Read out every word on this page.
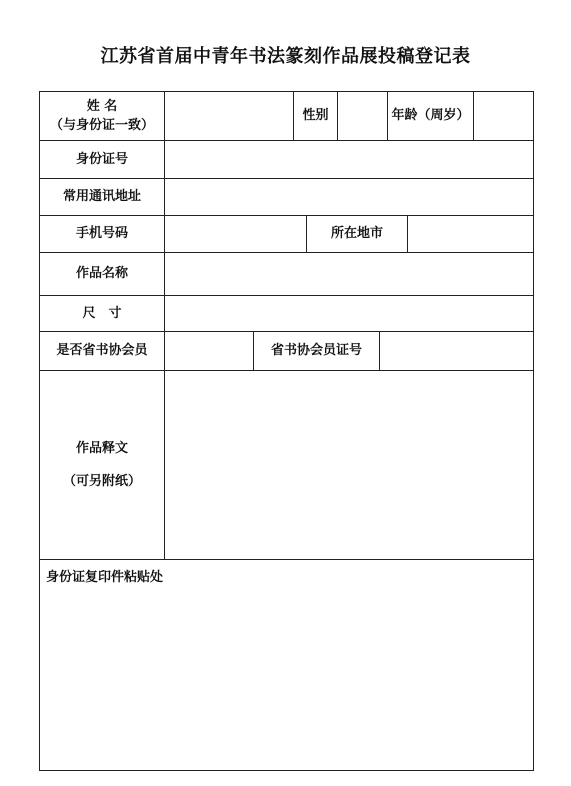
江苏省首届中青年书法篆刻作品展投稿登记表
姓 名
（与身份证一致）
性别	年龄（周岁）
身份证号
常用通讯地址
手机号码	所在地市
作品名称
尺　寸
是否省书协会员	省书协会员证号
作品释文
（可另附纸）
身份证复印件粘贴处
